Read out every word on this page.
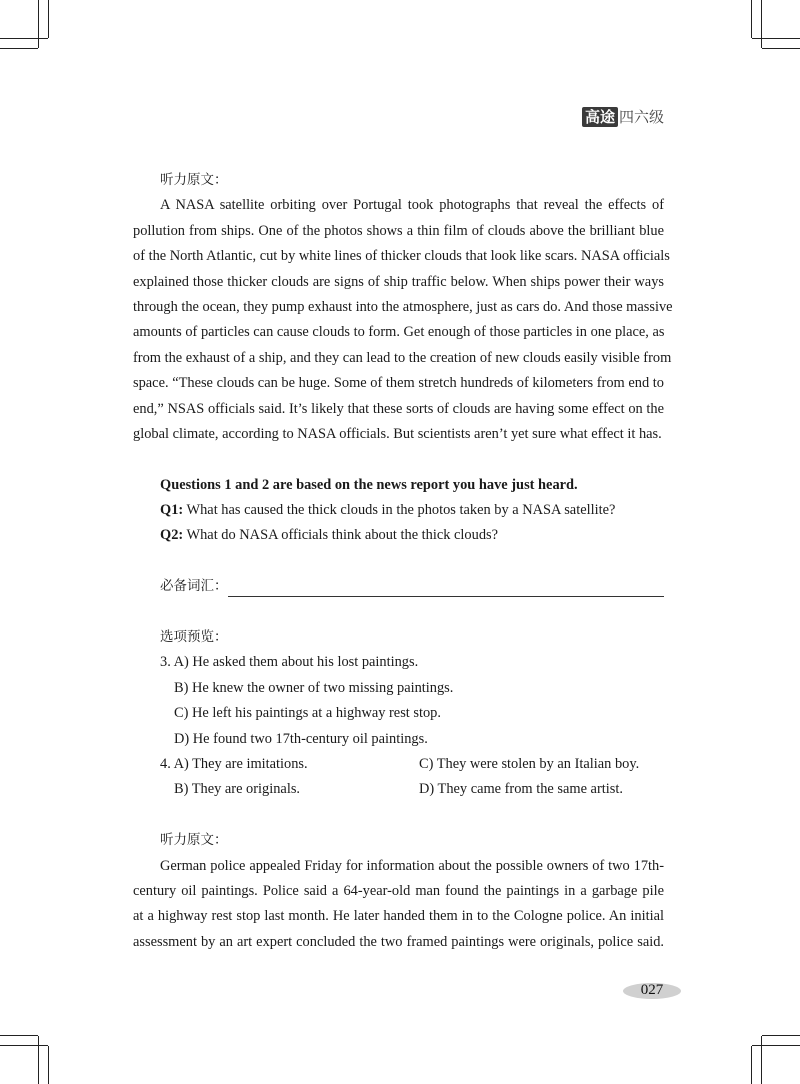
高途 四六级
听力原文：
A NASA satellite orbiting over Portugal took photographs that reveal the effects of
pollution from ships. One of the photos shows a thin film of clouds above the brilliant blue
of the North Atlantic, cut by white lines of thicker clouds that look like scars. NASA officials
explained those thicker clouds are signs of ship traffic below. When ships power their ways
through the ocean, they pump exhaust into the atmosphere, just as cars do. And those massive
amounts of particles can cause clouds to form. Get enough of those particles in one place, as
from the exhaust of a ship, and they can lead to the creation of new clouds easily visible from
space. “These clouds can be huge. Some of them stretch hundreds of kilometers from end to
end,” NSAS officials said. It’s likely that these sorts of clouds are having some effect on the
global climate, according to NASA officials. But scientists aren’t yet sure what effect it has.
Questions 1 and 2 are based on the news report you have just heard.
Q1: What has caused the thick clouds in the photos taken by a NASA satellite?
Q2: What do NASA officials think about the thick clouds?
必备词汇：
选项预览：
3. A) He asked them about his lost paintings.
B) He knew the owner of two missing paintings.
C) He left his paintings at a highway rest stop.
D) He found two 17th-century oil paintings.
4. A) They are imitations.	C) They were stolen by an Italian boy.
B) They are originals.	D) They came from the same artist.
听力原文：
German police appealed Friday for information about the possible owners of two 17th-
century oil paintings. Police said a 64-year-old man found the paintings in a garbage pile
at a highway rest stop last month. He later handed them in to the Cologne police. An initial
assessment by an art expert concluded the two framed paintings were originals, police said.
027
